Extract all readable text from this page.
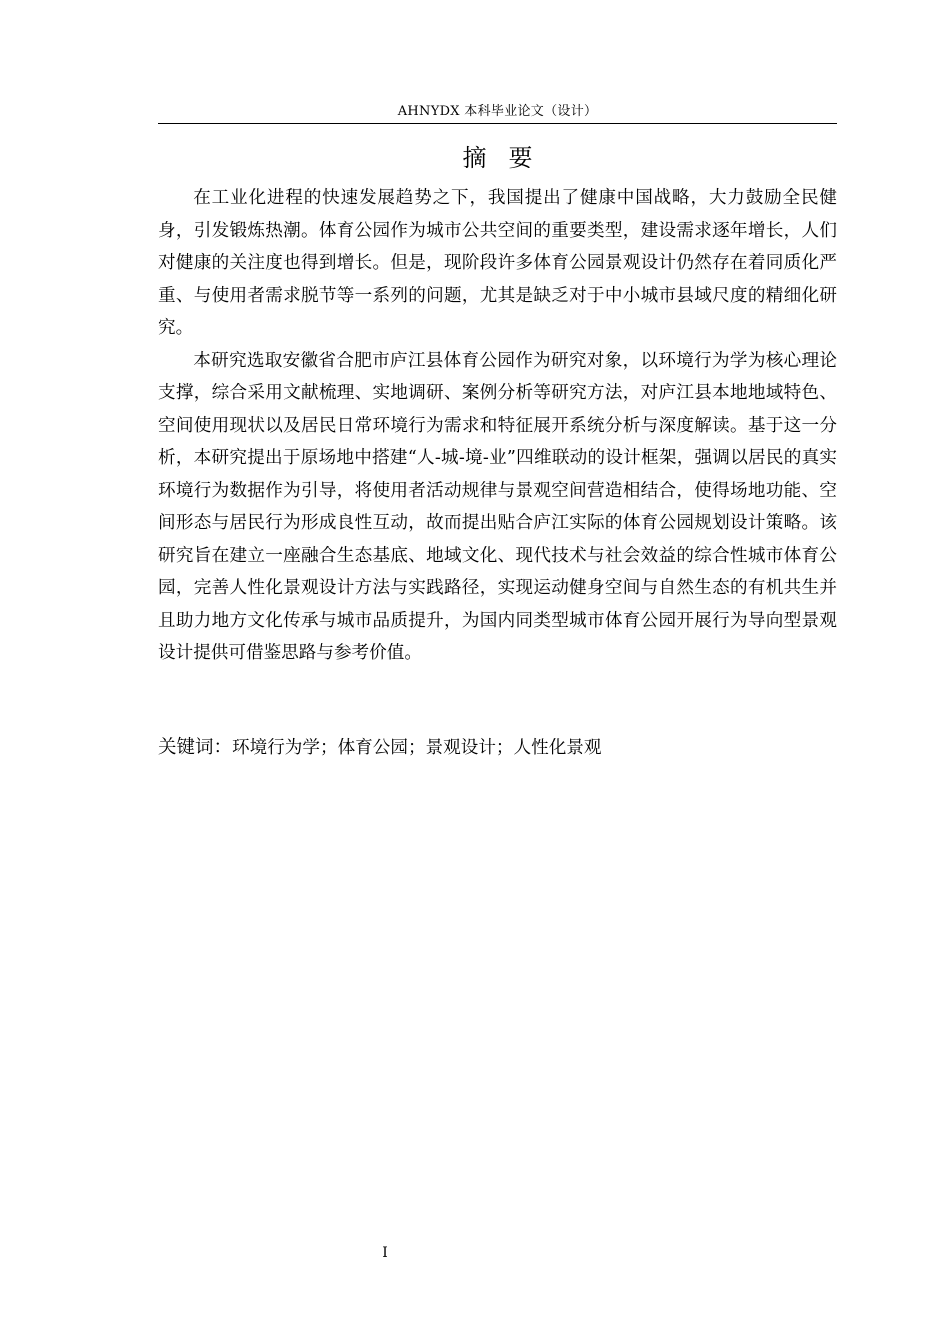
AHNYDX 本科毕业论文（设计）
摘要

在工业化进程的快速发展趋势之下，我国提出了健康中国战略，大力鼓励全民健身，引发锻炼热潮。体育公园作为城市公共空间的重要类型，建设需求逐年增长，人们对健康的关注度也得到增长。但是，现阶段许多体育公园景观设计仍然存在着同质化严重、与使用者需求脱节等一系列的问题，尤其是缺乏对于中小城市县域尺度的精细化研究。

本研究选取安徽省合肥市庐江县体育公园作为研究对象，以环境行为学为核心理论支撑，综合采用文献梳理、实地调研、案例分析等研究方法，对庐江县本地地域特色、空间使用现状以及居民日常环境行为需求和特征展开系统分析与深度解读。基于这一分析，本研究提出于原场地中搭建“人-城-境-业”四维联动的设计框架，强调以居民的真实环境行为数据作为引导，将使用者活动规律与景观空间营造相结合，使得场地功能、空间形态与居民行为形成良性互动，故而提出贴合庐江实际的体育公园规划设计策略。该研究旨在建立一座融合生态基底、地域文化、现代技术与社会效益的综合性城市体育公园，完善人性化景观设计方法与实践路径，实现运动健身空间与自然生态的有机共生并且助力地方文化传承与城市品质提升，为国内同类型城市体育公园开展行为导向型景观设计提供可借鉴思路与参考价值。

关键词：环境行为学；体育公园；景观设计；人性化景观
I
